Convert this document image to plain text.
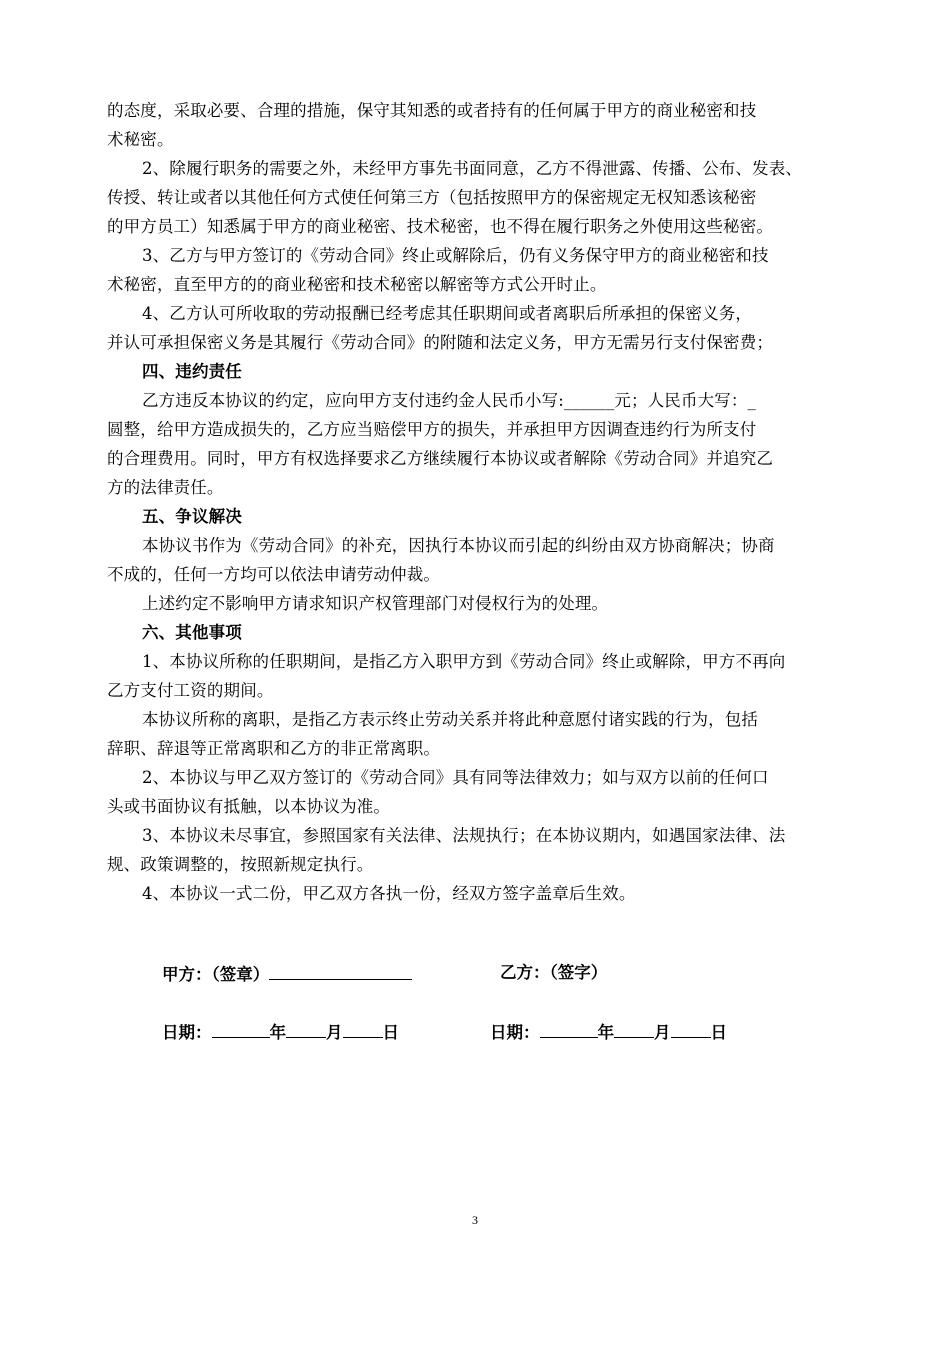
的态度，采取必要、合理的措施，保守其知悉的或者持有的任何属于甲方的商业秘密和技
术秘密。
2、除履行职务的需要之外，未经甲方事先书面同意，乙方不得泄露、传播、公布、发表、
传授、转让或者以其他任何方式使任何第三方（包括按照甲方的保密规定无权知悉该秘密
的甲方员工）知悉属于甲方的商业秘密、技术秘密，也不得在履行职务之外使用这些秘密。
3、乙方与甲方签订的《劳动合同》终止或解除后，仍有义务保守甲方的商业秘密和技
术秘密，直至甲方的的商业秘密和技术秘密以解密等方式公开时止。
4、乙方认可所收取的劳动报酬已经考虑其任职期间或者离职后所承担的保密义务，
并认可承担保密义务是其履行《劳动合同》的附随和法定义务，甲方无需另行支付保密费；
四、违约责任
乙方违反本协议的约定，应向甲方支付违约金人民币小写:______元；人民币大写：_
圆整，给甲方造成损失的，乙方应当赔偿甲方的损失，并承担甲方因调查违约行为所支付
的合理费用。同时，甲方有权选择要求乙方继续履行本协议或者解除《劳动合同》并追究乙
方的法律责任。
五、争议解决
本协议书作为《劳动合同》的补充，因执行本协议而引起的纠纷由双方协商解决；协商
不成的，任何一方均可以依法申请劳动仲裁。
上述约定不影响甲方请求知识产权管理部门对侵权行为的处理。
六、其他事项
1、本协议所称的任职期间，是指乙方入职甲方到《劳动合同》终止或解除，甲方不再向
乙方支付工资的期间。
本协议所称的离职，是指乙方表示终止劳动关系并将此种意愿付诸实践的行为，包括
辞职、辞退等正常离职和乙方的非正常离职。
2、本协议与甲乙双方签订的《劳动合同》具有同等法律效力；如与双方以前的任何口
头或书面协议有抵触，以本协议为准。
3、本协议未尽事宜，参照国家有关法律、法规执行；在本协议期内，如遇国家法律、法
规、政策调整的，按照新规定执行。
4、本协议一式二份，甲乙双方各执一份，经双方签字盖章后生效。
甲方：（签章）	乙方：（签字）
日期：	年 月 日	日期：	年 月 日
3
